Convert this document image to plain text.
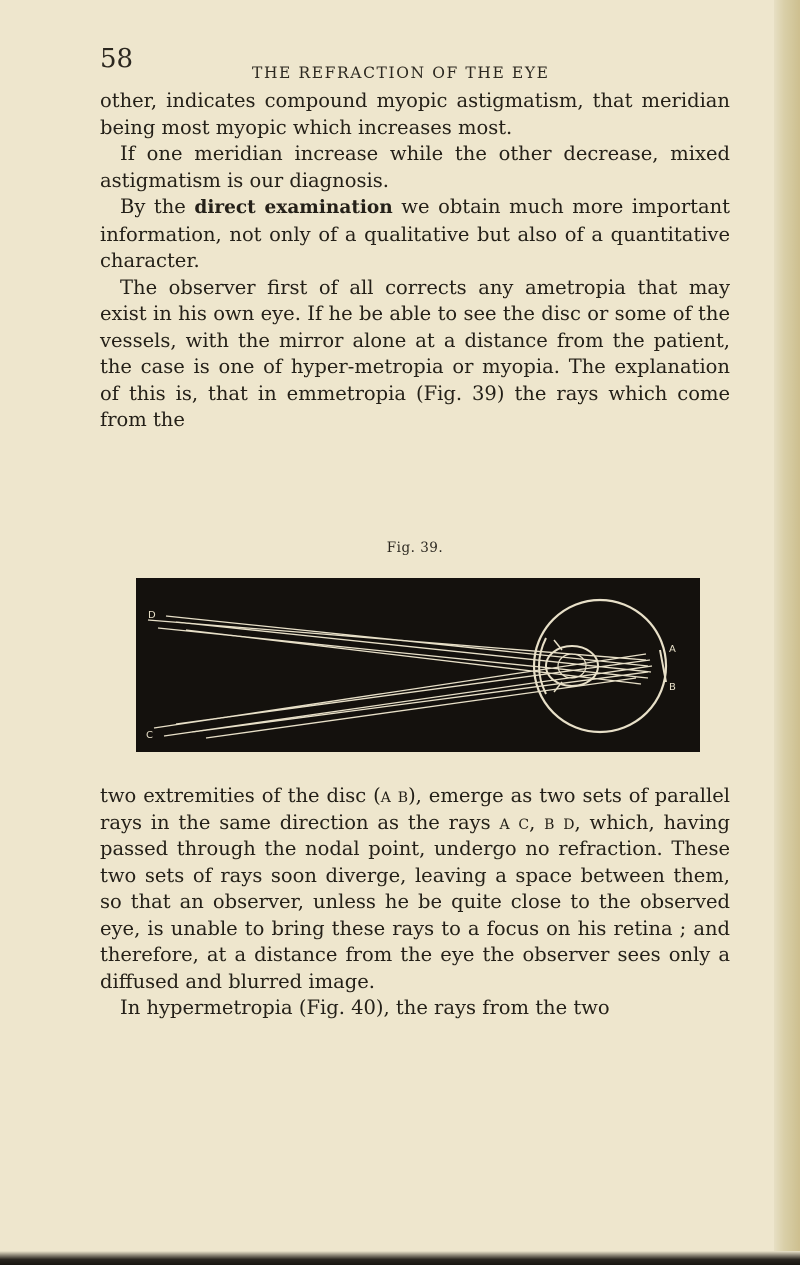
58	THE REFRACTION OF THE EYE

other, indicates compound myopic astigmatism, that meridian being most myopic which increases most.

If one meridian increase while the other decrease, mixed astigmatism is our diagnosis.

By the direct examination we obtain much more important information, not only of a qualitative but also of a quantitative character.

The observer first of all corrects any ametropia that may exist in his own eye. If he be able to see the disc or some of the vessels, with the mirror alone at a distance from the patient, the case is one of hyper-metropia or myopia. The explanation of this is, that in emmetropia (Fig. 39) the rays which come from the

Fig. 39.
D
C
A
B

two extremities of the disc (a b), emerge as two sets of parallel rays in the same direction as the rays a c, b d, which, having passed through the nodal point, undergo no refraction. These two sets of rays soon diverge, leaving a space between them, so that an observer, unless he be quite close to the observed eye, is unable to bring these rays to a focus on his retina ; and therefore, at a distance from the eye the observer sees only a diffused and blurred image.

In hypermetropia (Fig. 40), the rays from the two
